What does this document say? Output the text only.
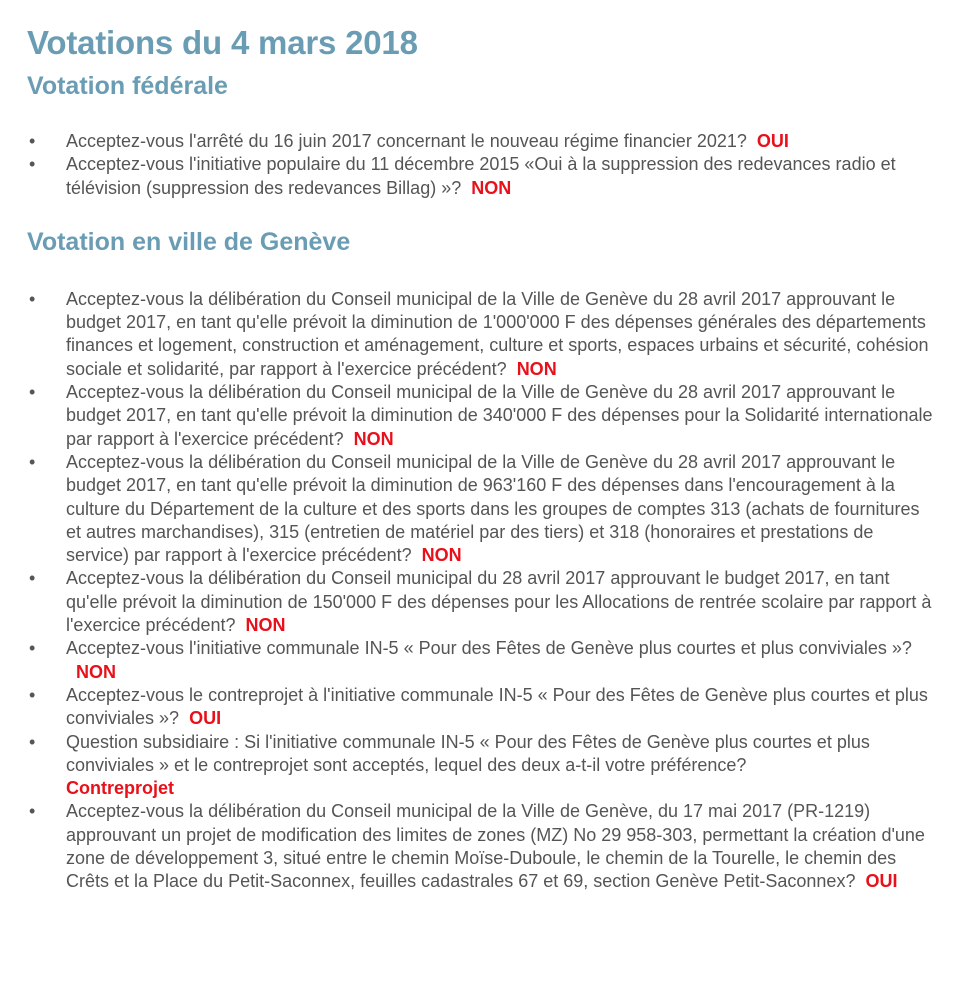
Votations du 4 mars 2018
Votation fédérale
• Acceptez-vous l'arrêté du 16 juin 2017 concernant le nouveau régime financier 2021? OUI
• Acceptez-vous l'initiative populaire du 11 décembre 2015 «Oui à la suppression des redevances radio et télévision (suppression des redevances Billag) »? NON
Votation en ville de Genève
• Acceptez-vous la délibération du Conseil municipal de la Ville de Genève du 28 avril 2017 approuvant le budget 2017, en tant qu'elle prévoit la diminution de 1'000'000 F des dépenses générales des départements finances et logement, construction et aménagement, culture et sports, espaces urbains et sécurité, cohésion sociale et solidarité, par rapport à l'exercice précédent? NON
• Acceptez-vous la délibération du Conseil municipal de la Ville de Genève du 28 avril 2017 approuvant le budget 2017, en tant qu'elle prévoit la diminution de 340'000 F des dépenses pour la Solidarité internationale par rapport à l'exercice précédent? NON
• Acceptez-vous la délibération du Conseil municipal de la Ville de Genève du 28 avril 2017 approuvant le budget 2017, en tant qu'elle prévoit la diminution de 963'160 F des dépenses dans l'encouragement à la culture du Département de la culture et des sports dans les groupes de comptes 313 (achats de fournitures et autres marchandises), 315 (entretien de matériel par des tiers) et 318 (honoraires et prestations de service) par rapport à l'exercice précédent? NON
• Acceptez-vous la délibération du Conseil municipal du 28 avril 2017 approuvant le budget 2017, en tant qu'elle prévoit la diminution de 150'000 F des dépenses pour les Allocations de rentrée scolaire par rapport à l'exercice précédent? NON
• Acceptez-vous l'initiative communale IN-5 « Pour des Fêtes de Genève plus courtes et plus conviviales »?NON
• Acceptez-vous le contreprojet à l'initiative communale IN-5 « Pour des Fêtes de Genève plus courtes et plus conviviales »? OUI
• Question subsidiaire : Si l'initiative communale IN-5 « Pour des Fêtes de Genève plus courtes et plus conviviales » et le contreprojet sont acceptés, lequel des deux a-t-il votre préférence?
Contreprojet
• Acceptez-vous la délibération du Conseil municipal de la Ville de Genève, du 17 mai 2017 (PR-1219) approuvant un projet de modification des limites de zones (MZ) No 29 958-303, permettant la création d'une zone de développement 3, situé entre le chemin Moïse-Duboule, le chemin de la Tourelle, le chemin des Crêts et la Place du Petit-Saconnex, feuilles cadastrales 67 et 69, section Genève Petit-Saconnex? OUI
